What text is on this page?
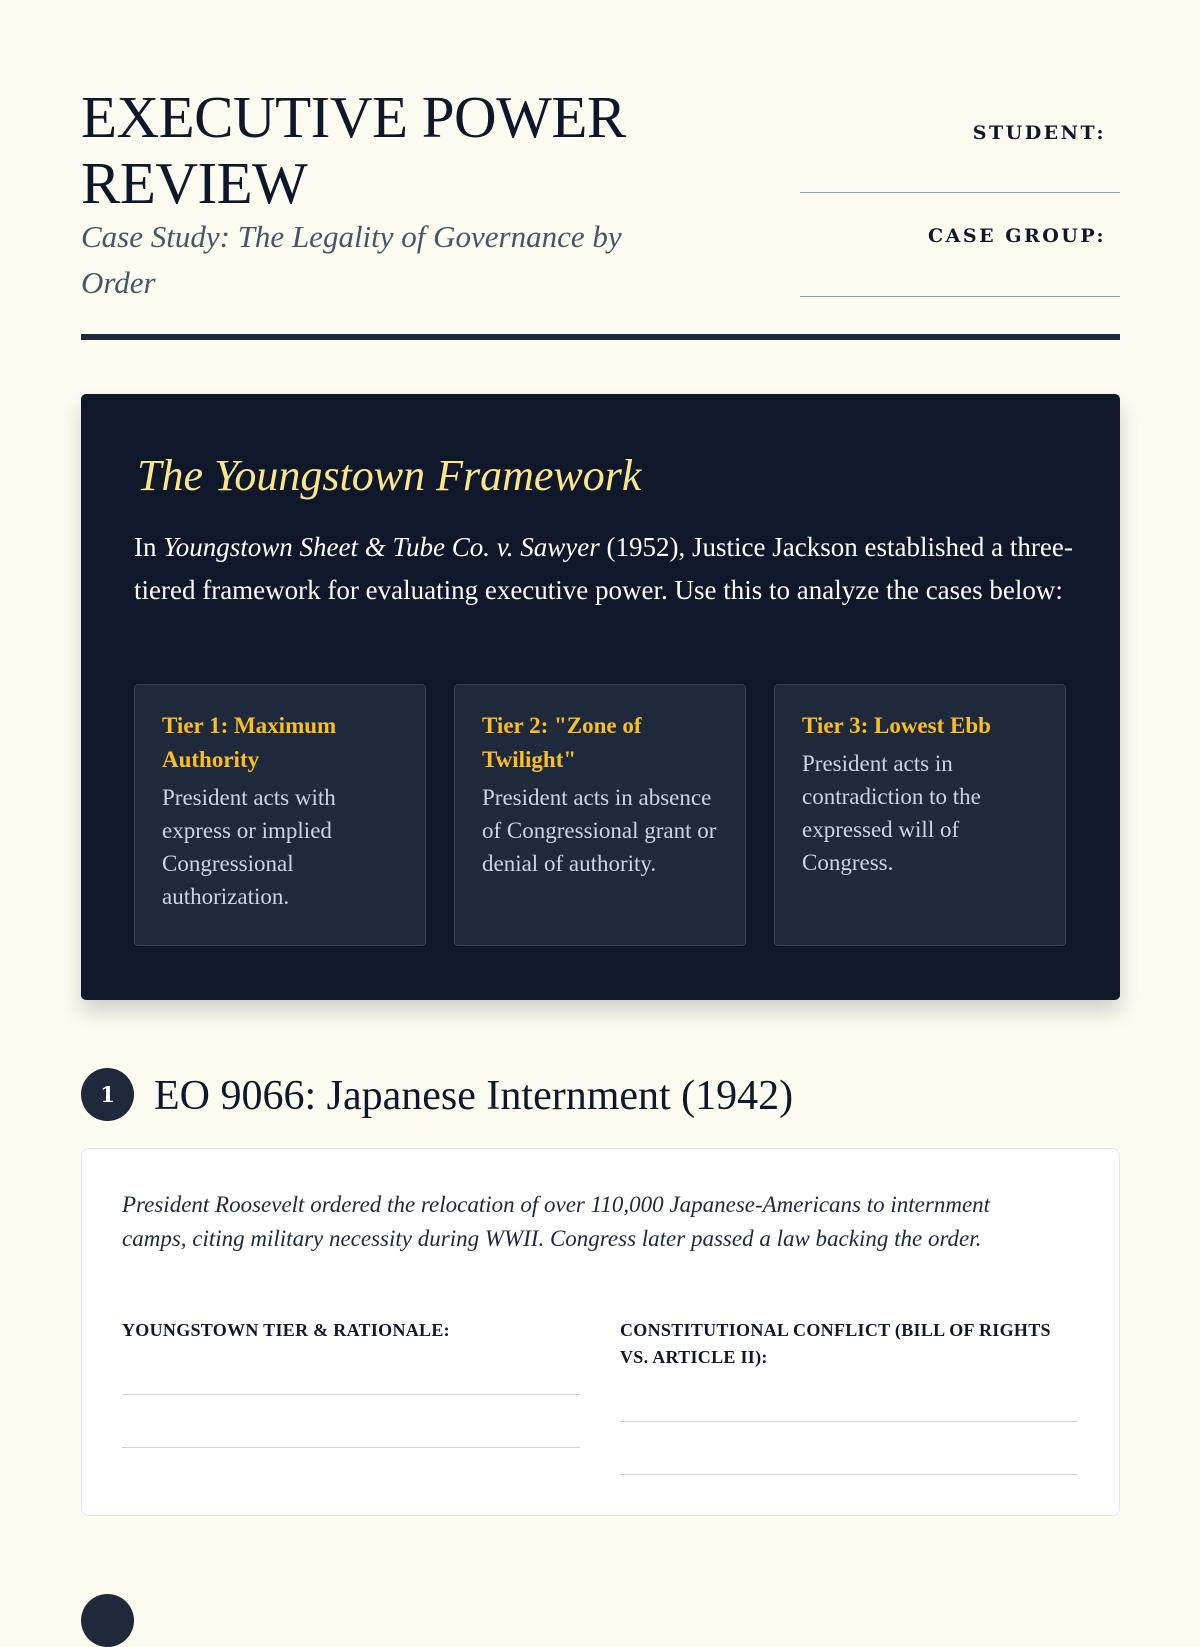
EXECUTIVE POWER REVIEW

Case Study: The Legality of Governance by Order

STUDENT:
CASE GROUP:
The Youngstown Framework

In Youngstown Sheet & Tube Co. v. Sawyer (1952), Justice Jackson established a three-tiered framework for evaluating executive power. Use this to analyze the cases below:

Tier 1: Maximum Authority

President acts with express or implied Congressional authorization.

Tier 2: "Zone of Twilight"

President acts in absence of Congressional grant or denial of authority.

Tier 3: Lowest Ebb

President acts in contradiction to the expressed will of Congress.

1 EO 9066: Japanese Internment (1942)

President Roosevelt ordered the relocation of over 110,000 Japanese-Americans to internment camps, citing military necessity during WWII. Congress later passed a law backing the order.

YOUNGSTOWN TIER & RATIONALE:	CONSTITUTIONAL CONFLICT (BILL OF RIGHTS VS. ARTICLE II):
